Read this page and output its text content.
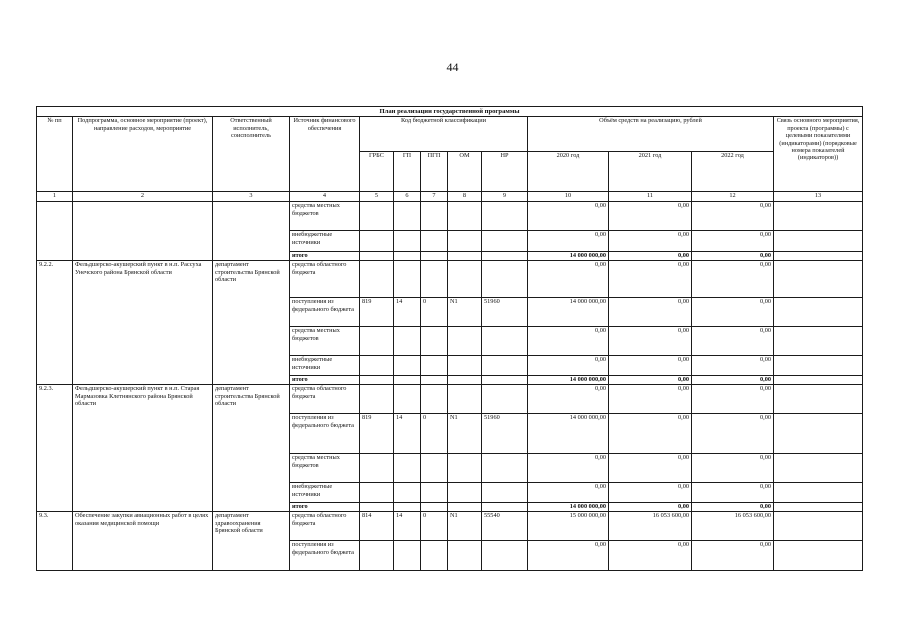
44
План реализации государственной программы												
№ пп	Подпрограмма, основное мероприятие (проект), направление расходов, мероприятие	Ответственный исполнитель, соисполнитель	Источник финансового обеспечения	Код бюджетной классификации					Объём средств на реализацию, рублей			Связь основного мероприятия, проекта (программы) с целевыми показателями (индикаторами) (порядковые номера показателей (индикаторов))
				ГРБС	ГП	ПГП	ОМ	НР	2020 год	2021 год	2022 год	
1	2	3	4	5	6	7	8	9	10	11	12	13
			средства местных бюджетов						0,00	0,00	0,00	
			внебюджетные источники						0,00	0,00	0,00	
			итого						14 000 000,00	0,00	0,00	
9.2.2.	Фельдшерско-акушерский пункт в н.п. Рассуха Унечского района Брянской области	департамент строительства Брянской области	средства областного бюджета						0,00	0,00	0,00	
			поступления из федерального бюджета	819	14	0	N1	51960	14 000 000,00	0,00	0,00	
			средства местных бюджетов						0,00	0,00	0,00	
			внебюджетные источники						0,00	0,00	0,00	
			итого						14 000 000,00	0,00	0,00	
9.2.3.	Фельдшерско-акушерский пункт в н.п. Старая Мармазовка Клетнянского района Брянской области	департамент строительства Брянской области	средства областного бюджета						0,00	0,00	0,00	
			поступления из федерального бюджета	819	14	0	N1	51960	14 000 000,00	0,00	0,00	
			средства местных бюджетов						0,00	0,00	0,00	
			внебюджетные источники						0,00	0,00	0,00	
			итого						14 000 000,00	0,00	0,00	
9.3.	Обеспечение закупки авиационных работ в целях оказания медицинской помощи	департамент здравоохранения Брянской области	средства областного бюджета	814	14	0	N1	55540	15 000 000,00	16 053 600,00	16 053 600,00	
			поступления из федерального бюджета						0,00	0,00	0,00	
